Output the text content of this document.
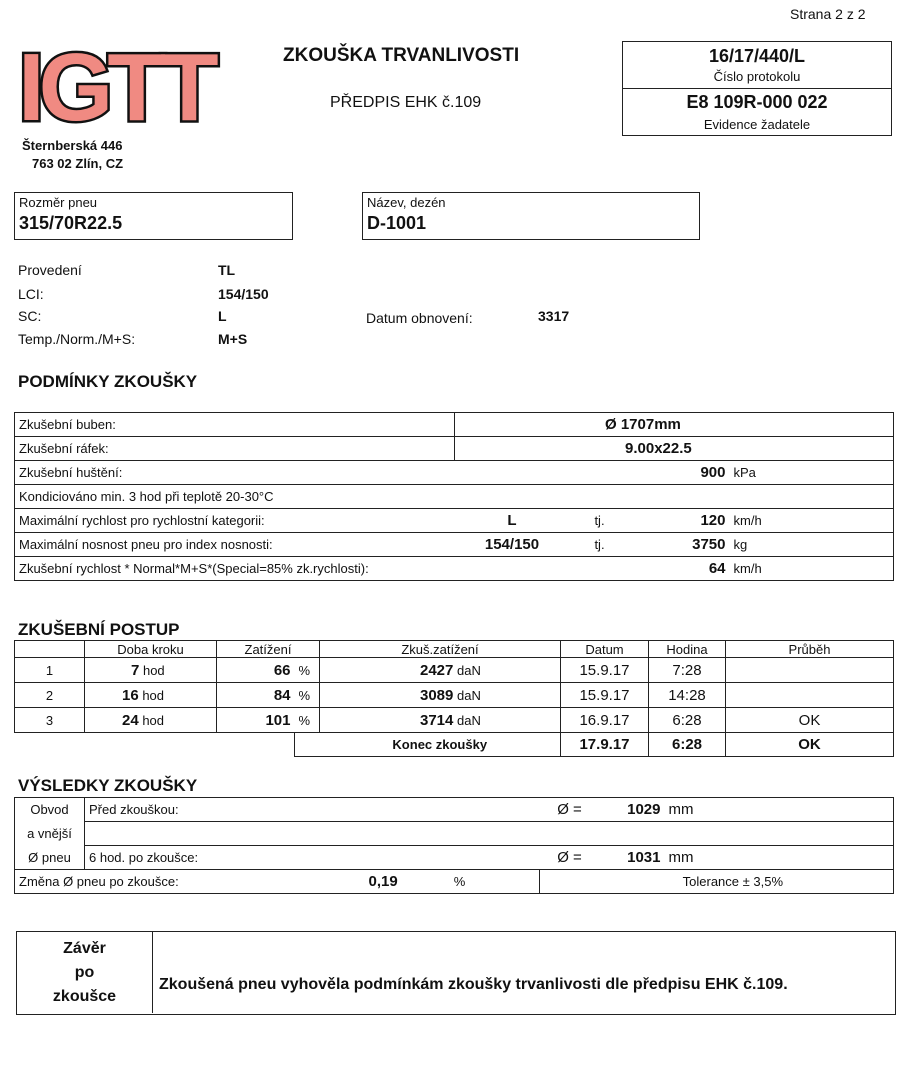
Strana 2 z 2
IGTT
Šternberská 446
763 02 Zlín, CZ
ZKOUŠKA TRVANLIVOSTI
PŘEDPIS EHK č.109
16/17/440/L
Číslo protokolu
E8 109R-000 022
Evidence žadatele
Rozměr pneu
315/70R22.5
Název, dezén
D-1001
Provedení	TL
LCI:	154/150
SC:	L	Datum obnovení:	3317
Temp./Norm./M+S:	M+S
PODMÍNKY ZKOUŠKY
Zkušební buben:	Ø 1707mm			
Zkušební ráfek:	9.00x22.5			
Zkušební huštění:			900	kPa
Kondiciováno min. 3 hod při teplotě 20-30°C				
Maximální rychlost pro rychlostní kategorii:	L	tj.	120	km/h
Maximální nosnost pneu pro index nosnosti:	154/150	tj.	3750	kg
Zkušební rychlost * Normal*M+S*(Special=85% zk.rychlosti):			64	km/h
ZKUŠEBNÍ POSTUP
	Doba kroku	Zatížení		Zkuš.zatížení	Datum	Hodina	Průběh
1	7 hod	66	%	2427 daN	15.9.17	7:28	
2	16 hod	84	%	3089 daN	15.9.17	14:28	
3	24 hod	101	%	3714 daN	16.9.17	6:28	OK
				Konec zkoušky	17.9.17	6:28	OK
VÝSLEDKY ZKOUŠKY
Obvod	Před zkouškou:					Ø =	1029	mm
a vnější								
Ø pneu	6 hod. po zkoušce:					Ø =	1031	mm
Změna Ø pneu po zkoušce:		0,19	%		Tolerance ± 3,5%			
Závěr
po
zkoušce
Zkoušená pneu vyhověla podmínkám zkoušky trvanlivosti dle předpisu EHK č.109.
